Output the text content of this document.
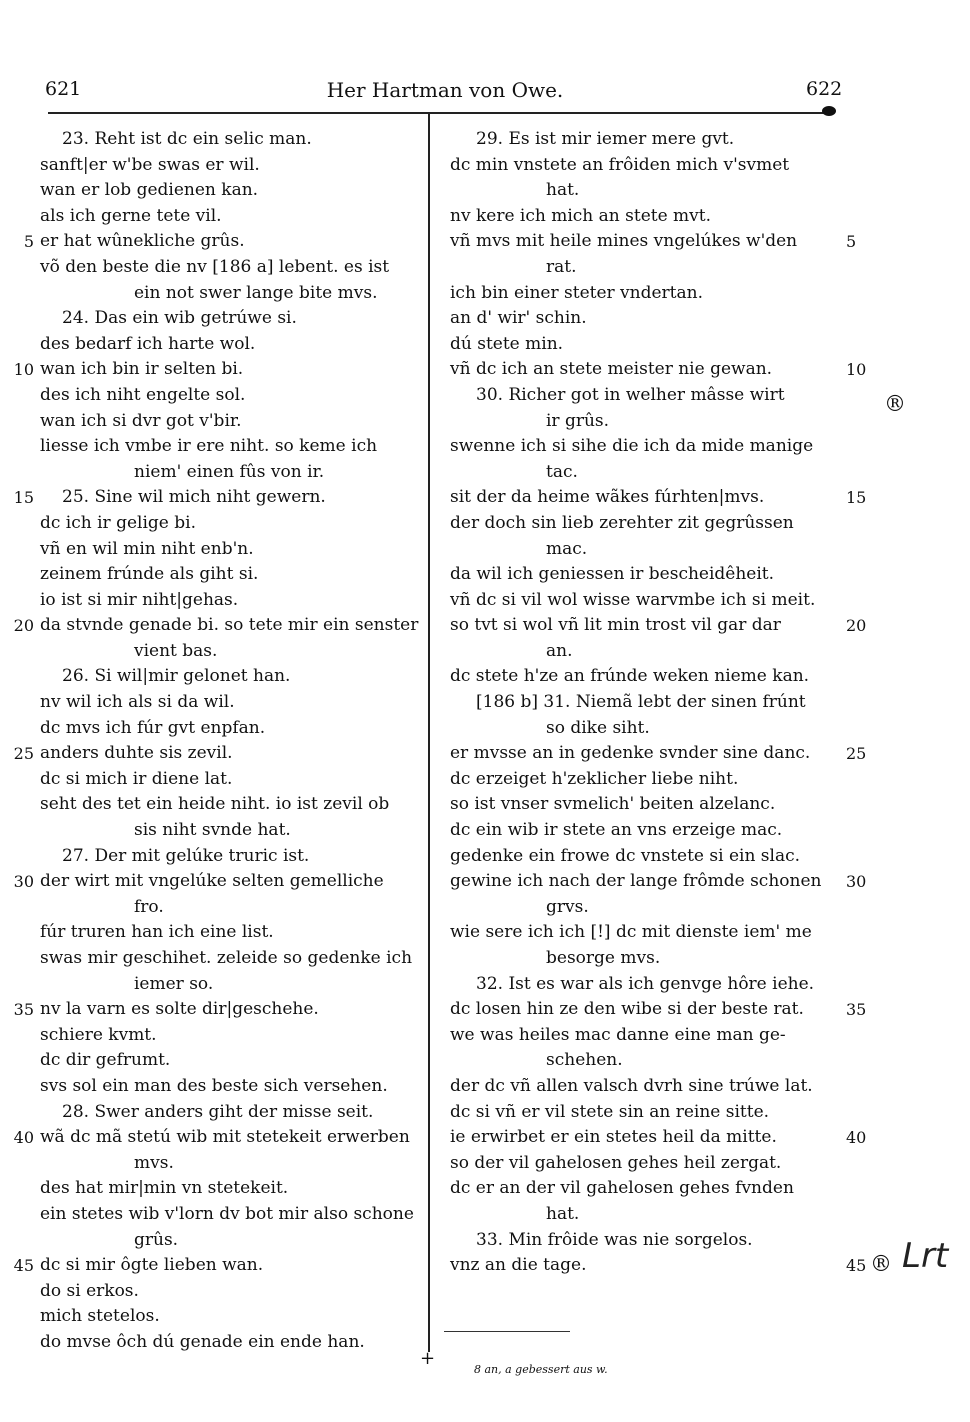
621	Her Hartman von Owe.	622
+
23. Reht ist dc ein selic man.
sanft|er w'be swas er wil.
wan er lob gedienen kan.
als ich gerne tete vil.
er hat wûnekliche grûs.
5
võ den beste die nv [186 a] lebent. es ist
ein not swer lange bite mvs.
24. Das ein wib getrúwe si.
des bedarf ich harte wol.
wan ich bin ir selten bi.
10
des ich niht engelte sol.
wan ich si dvr got v'bir.
liesse ich vmbe ir ere niht. so keme ich
niem' einen fûs von ir.
25. Sine wil mich niht gewern.
15
dc ich ir gelige bi.
vñ en wil min niht enb'n.
zeinem frúnde als giht si.
io ist si mir niht|gehas.
da stvnde genade bi. so tete mir ein senster
20
vient bas.
26. Si wil|mir gelonet han.
nv wil ich als si da wil.
dc mvs ich fúr gvt enpfan.
anders duhte sis zevil.
25
dc si mich ir diene lat.
seht des tet ein heide niht. io ist zevil ob
sis niht svnde hat.
27. Der mit gelúke truric ist.
der wirt mit vngelúke selten gemelliche
30
fro.
fúr truren han ich eine list.
swas mir geschihet. zeleide so gedenke ich
iemer so.
nv la varn es solte dir|geschehe.
35
schiere kvmt.
dc dir gefrumt.
svs sol ein man des beste sich versehen.
28. Swer anders giht der misse seit.
wã dc mã stetú wib mit stetekeit erwerben
40
mvs.
des hat mir|min vn stetekeit.
ein stetes wib v'lorn dv bot mir also schone
grûs.
dc si mir ôgte lieben wan.
45
do si erkos.
mich stetelos.
do mvse ôch dú genade ein ende han.
29. Es ist mir iemer mere gvt.
dc min vnstete an frôiden mich v'svmet
hat.
nv kere ich mich an stete mvt.
vñ mvs mit heile mines vngelúkes w'den	5
rat.
ich bin einer steter vndertan.
an d' wir' schin.
dú stete min.
vñ dc ich an stete meister nie gewan.	10
30. Richer got in welher mâsse wirt
ir grûs.
swenne ich si sihe die ich da mide manige
tac.
sit der da heime wãkes fúrhten|mvs.	15
der doch sin lieb zerehter zit gegrûssen
mac.
da wil ich geniessen ir bescheidêheit.
vñ dc si vil wol wisse warvmbe ich si meit.
so tvt si wol vñ lit min trost vil gar dar	20
an.
dc stete h'ze an frúnde weken nieme kan.
[186 b] 31. Niemã lebt der sinen frúnt
so dike siht.
er mvsse an in gedenke svnder sine danc. 25
dc erzeiget h'zeklicher liebe niht.
so ist vnser svmelich' beiten alzelanc.
dc ein wib ir stete an vns erzeige mac.
gedenke ein frowe dc vnstete si ein slac.
gewine ich nach der lange frômde schonen 30
grvs.
wie sere ich ich [!] dc mit dienste iem' me
besorge mvs.
32. Ist es war als ich genvge hôre iehe.
dc losen hin ze den wibe si der beste rat.	35
we was heiles mac danne eine man ge-
schehen.
der dc vñ allen valsch dvrh sine trúwe lat.
dc si vñ er vil stete sin an reine sitte.
ie erwirbet er ein stetes heil da mitte.	40
so der vil gahelosen gehes heil zergat.
dc er an der vil gahelosen gehes fvnden
hat.
33. Min frôide was nie sorgelos.
vnz an die tage.	45
®
® Lrt
8 an, a gebessert aus w.
